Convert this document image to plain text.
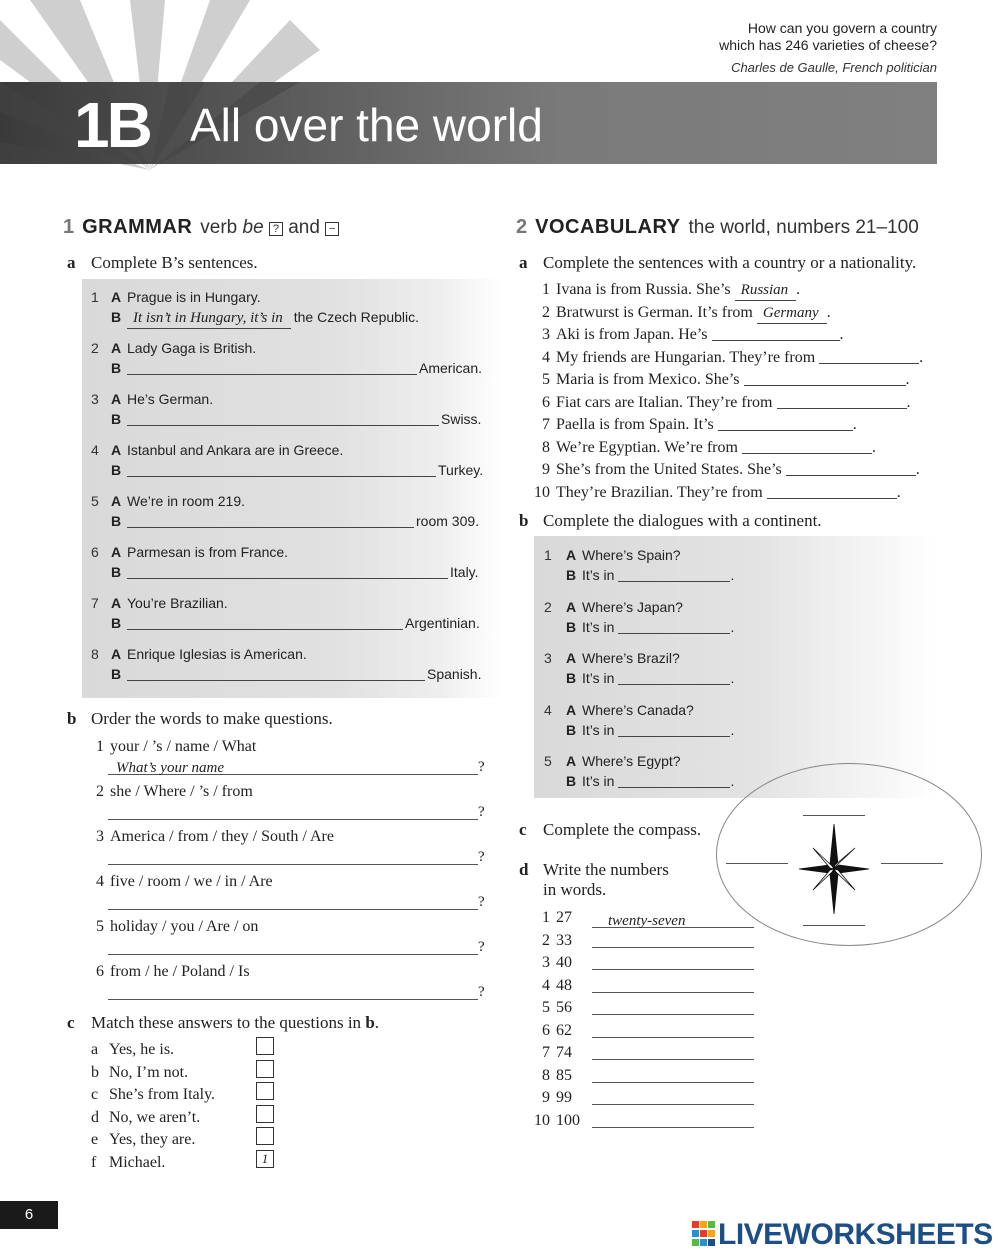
1B All over the world
How can you govern a country
which has 246 varieties of cheese?
Charles de Gaulle, French politician
1 GRAMMAR verb be ? and −
a Complete B’s sentences.
1 A Prague is in Hungary.
B It isn’t in Hungary, it’s in the Czech Republic.
2 A Lady Gaga is British.
B	American.
3 A He’s German.
B	Swiss.
4 A Istanbul and Ankara are in Greece.
B	Turkey.
5 A We’re in room 219.
B	room 309.
6 A Parmesan is from France.
B	Italy.
7 A You’re Brazilian.
B	Argentinian.
8 A Enrique Iglesias is American.
B	Spanish.
b Order the words to make questions.
1 your / ’s / name / What
What’s your name	?
2 she / Where / ’s / from
?
3 America / from / they / South / Are
?
4 five / room / we / in / Are
?
5 holiday / you / Are / on
?
6 from / he / Poland / Is
?
c Match these answers to the questions in b.
a Yes, he is.
b No, I’m not.
c She’s from Italy.
d No, we aren’t.
e Yes, they are.
f Michael.	1
2 VOCABULARY the world, numbers 21–100
a Complete the sentences with a country or a nationality.
1 Ivana is from Russia. She’s Russian .
2 Bratwurst is German. It’s from Germany .
3 Aki is from Japan. He’s	.
4 My friends are Hungarian. They’re from	.
5 Maria is from Mexico. She’s	.
6 Fiat cars are Italian. They’re from	.
7 Paella is from Spain. It’s	.
8 We’re Egyptian. We’re from	.
9 She’s from the United States. She’s	.
10 They’re Brazilian. They’re from	.
b Complete the dialogues with a continent.
1 A Where’s Spain?
B It’s in	.
2 A Where’s Japan?
B It’s in	.
3 A Where’s Brazil?
B It’s in	.
4 A Where’s Canada?
B It’s in	.
5 A Where’s Egypt?
B It’s in	.
c Complete the compass.
d Write the numbers
in words.
1 27 twenty-seven
2 33
3 40
4 48
5 56
6 62
7 74
8 85
9 99
10 100
6
LIVEWORKSHEETS
